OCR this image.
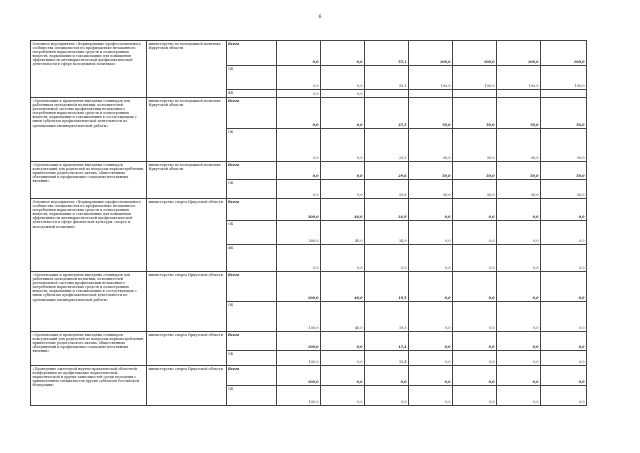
6
Основное мероприятие «Формирование профессионального сообщества специалистов по профилактике незаконного потребления наркотических средств и психотропных веществ, наркомании и токсикомании для повышения эффективности антинаркотической профилактической деятельности в сфере молодежной политики»	министерство по молодежной политике Иркутской области	Всего	0,0	0,0	55,1	100,0	100,0	100,0	100,0

		ОБ	0,0	0,0	55,1	100,0	100,0	100,0	100,0

		ФБ	0,0	0,0					

«Организация и проведение выездных семинаров для работников молодежной политики, исполнителей региональной системы профилактики незаконного потребления наркотических средств и психотропных веществ, наркомании и токсикомании в соседствующих с ними субъектах профилактической деятельности по организации антинаркотической работы»	министерство по молодежной политике Иркутской области	Всего	0,0	0,0	25,5	50,0	50,0	50,0	50,0

		ОБ	0,0	0,0	25,5	50,0	50,0	50,0	50,0

«Организация и проведение выездных семинаров, консультаций для родителей по вопросам наркопотребления, привлечение родительского актива, общественных объединений к профилактике социально-негативных явлений»	министерство по молодежной политике Иркутской области	Всего	0,0	0,0	29,6	50,0	50,0	50,0	50,0

		ОБ	0,0	0,0	29,6	50,0	50,0	50,0	50,0

Основное мероприятие «Формирование профессионального сообщества специалистов по профилактике незаконного потребления наркотических средств и психотропных веществ, наркомании и токсикомании для повышения эффективности антинаркотической профилактической деятельности в сфере физической культуры, спорта и молодежной политики»	министерство спорта Иркутской области	Всего	300,0	40,0	34,9	0,0	0,0	0,0	0,0

		ОБ	300,0	40,0	34,9	0,0	0,0	0,0	0,0

		ФБ	0,0	0,0	0,0	0,0	0,0	0,0	0,0

«Организация и проведение выездных семинаров для работников молодежной политики, исполнителей региональной системы профилактики незаконного потребления наркотических средств и психотропных веществ, наркомании и токсикомании в соседствующих с ними субъектах профилактической деятельности по организации антинаркотической работы»	министерство спорта Иркутской области	Всего	100,0	40,0	19,5	0,0	0,0	0,0	0,0

		ОБ	100,0	40,0	19,5	0,0	0,0	0,0	0,0

«Организация и проведение выездных семинаров, консультаций для родителей по вопросам наркопотребления, привлечение родительского актива, общественных объединений к профилактике социально-негативных явлений»	министерство спорта Иркутской области	Всего	100,0	0,0	15,4	0,0	0,0	0,0	0,0

		ОБ	100,0	0,0	15,4	0,0	0,0	0,0	0,0

«Проведение ежегодной научно-практической областной конференции по профилактике наркотической, наркотической и других зависимостей среди молодежи с привлечением специалистов других субъектов Российской Федерации»	министерство спорта Иркутской области	Всего	100,0	0,0	0,0	0,0	0,0	0,0	0,0

		ОБ	100,0	0,0	0,0	0,0	0,0	0,0	0,0
